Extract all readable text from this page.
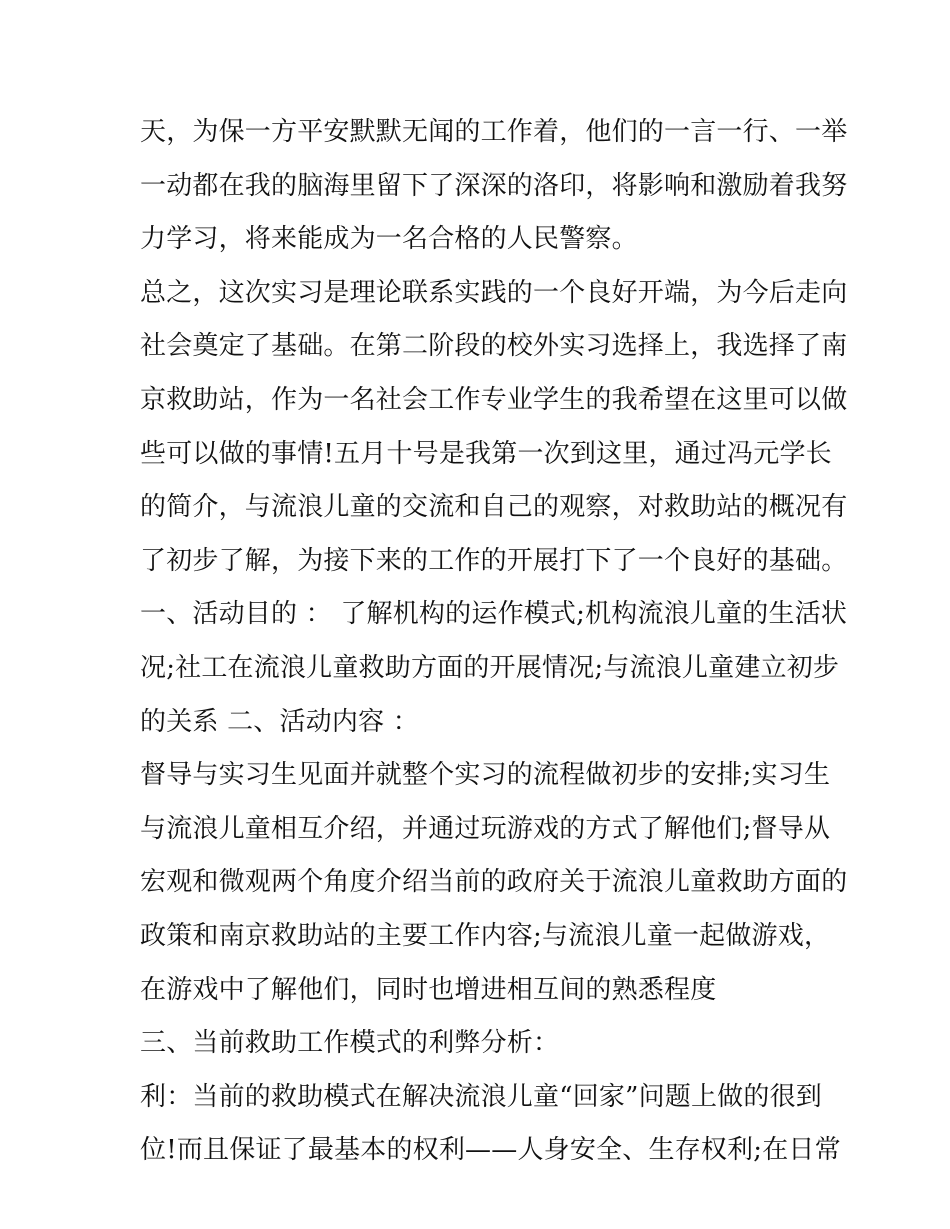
天，为保一方平安默默无闻的工作着，他们的一言一行、一举
一动都在我的脑海里留下了深深的洛印，将影响和激励着我努
力学习，将来能成为一名合格的人民警察。
总之，这次实习是理论联系实践的一个良好开端，为今后走向
社会奠定了基础。在第二阶段的校外实习选择上，我选择了南
京救助站，作为一名社会工作专业学生的我希望在这里可以做
些可以做的事情!五月十号是我第一次到这里，通过冯元学长
的简介，与流浪儿童的交流和自己的观察，对救助站的概况有
了初步了解，为接下来的工作的开展打下了一个良好的基础。
一、活动目的 ： 了解机构的运作模式;机构流浪儿童的生活状
况;社工在流浪儿童救助方面的开展情况;与流浪儿童建立初步
的关系 二、活动内容 ：
督导与实习生见面并就整个实习的流程做初步的安排;实习生
与流浪儿童相互介绍，并通过玩游戏的方式了解他们;督导从
宏观和微观两个角度介绍当前的政府关于流浪儿童救助方面的
政策和南京救助站的主要工作内容;与流浪儿童一起做游戏，
在游戏中了解他们，同时也增进相互间的熟悉程度
三、当前救助工作模式的利弊分析：
利：当前的救助模式在解决流浪儿童“回家”问题上做的很到
位!而且保证了最基本的权利——人身安全、生存权利;在日常
